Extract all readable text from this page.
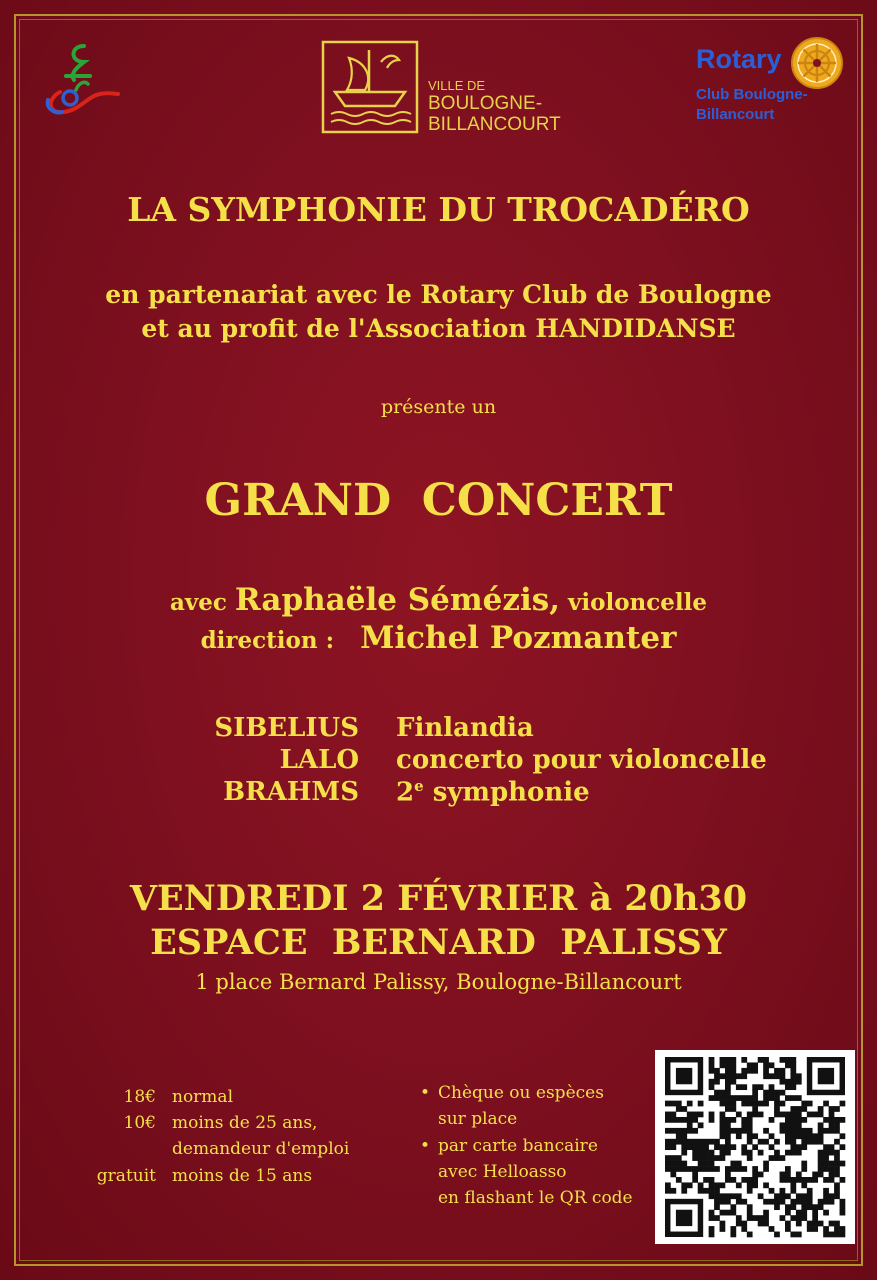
VILLE DE
BOULOGNE-
BILLANCOURT
Rotary
Club Boulogne-
Billancourt
LA SYMPHONIE DU TROCADÉRO
en partenariat avec le Rotary Club de Boulogne
et au profit de l'Association HANDIDANSE
présente un
GRAND  CONCERT
avec Raphaële Sémézis, violoncelle
direction : Michel Pozmanter
SIBELIUS Finlandia
LALO concerto pour violoncelle
BRAHMS 2e symphonie
VENDREDI 2 FÉVRIER à 20h30
ESPACE  BERNARD  PALISSY
1 place Bernard Palissy, Boulogne-Billancourt
18€ normal
10€ moins de 25 ans,
demandeur d'emploi
gratuit moins de 15 ans
• Chèque ou espèces
sur place
• par carte bancaire
avec Helloasso
en flashant le QR code
